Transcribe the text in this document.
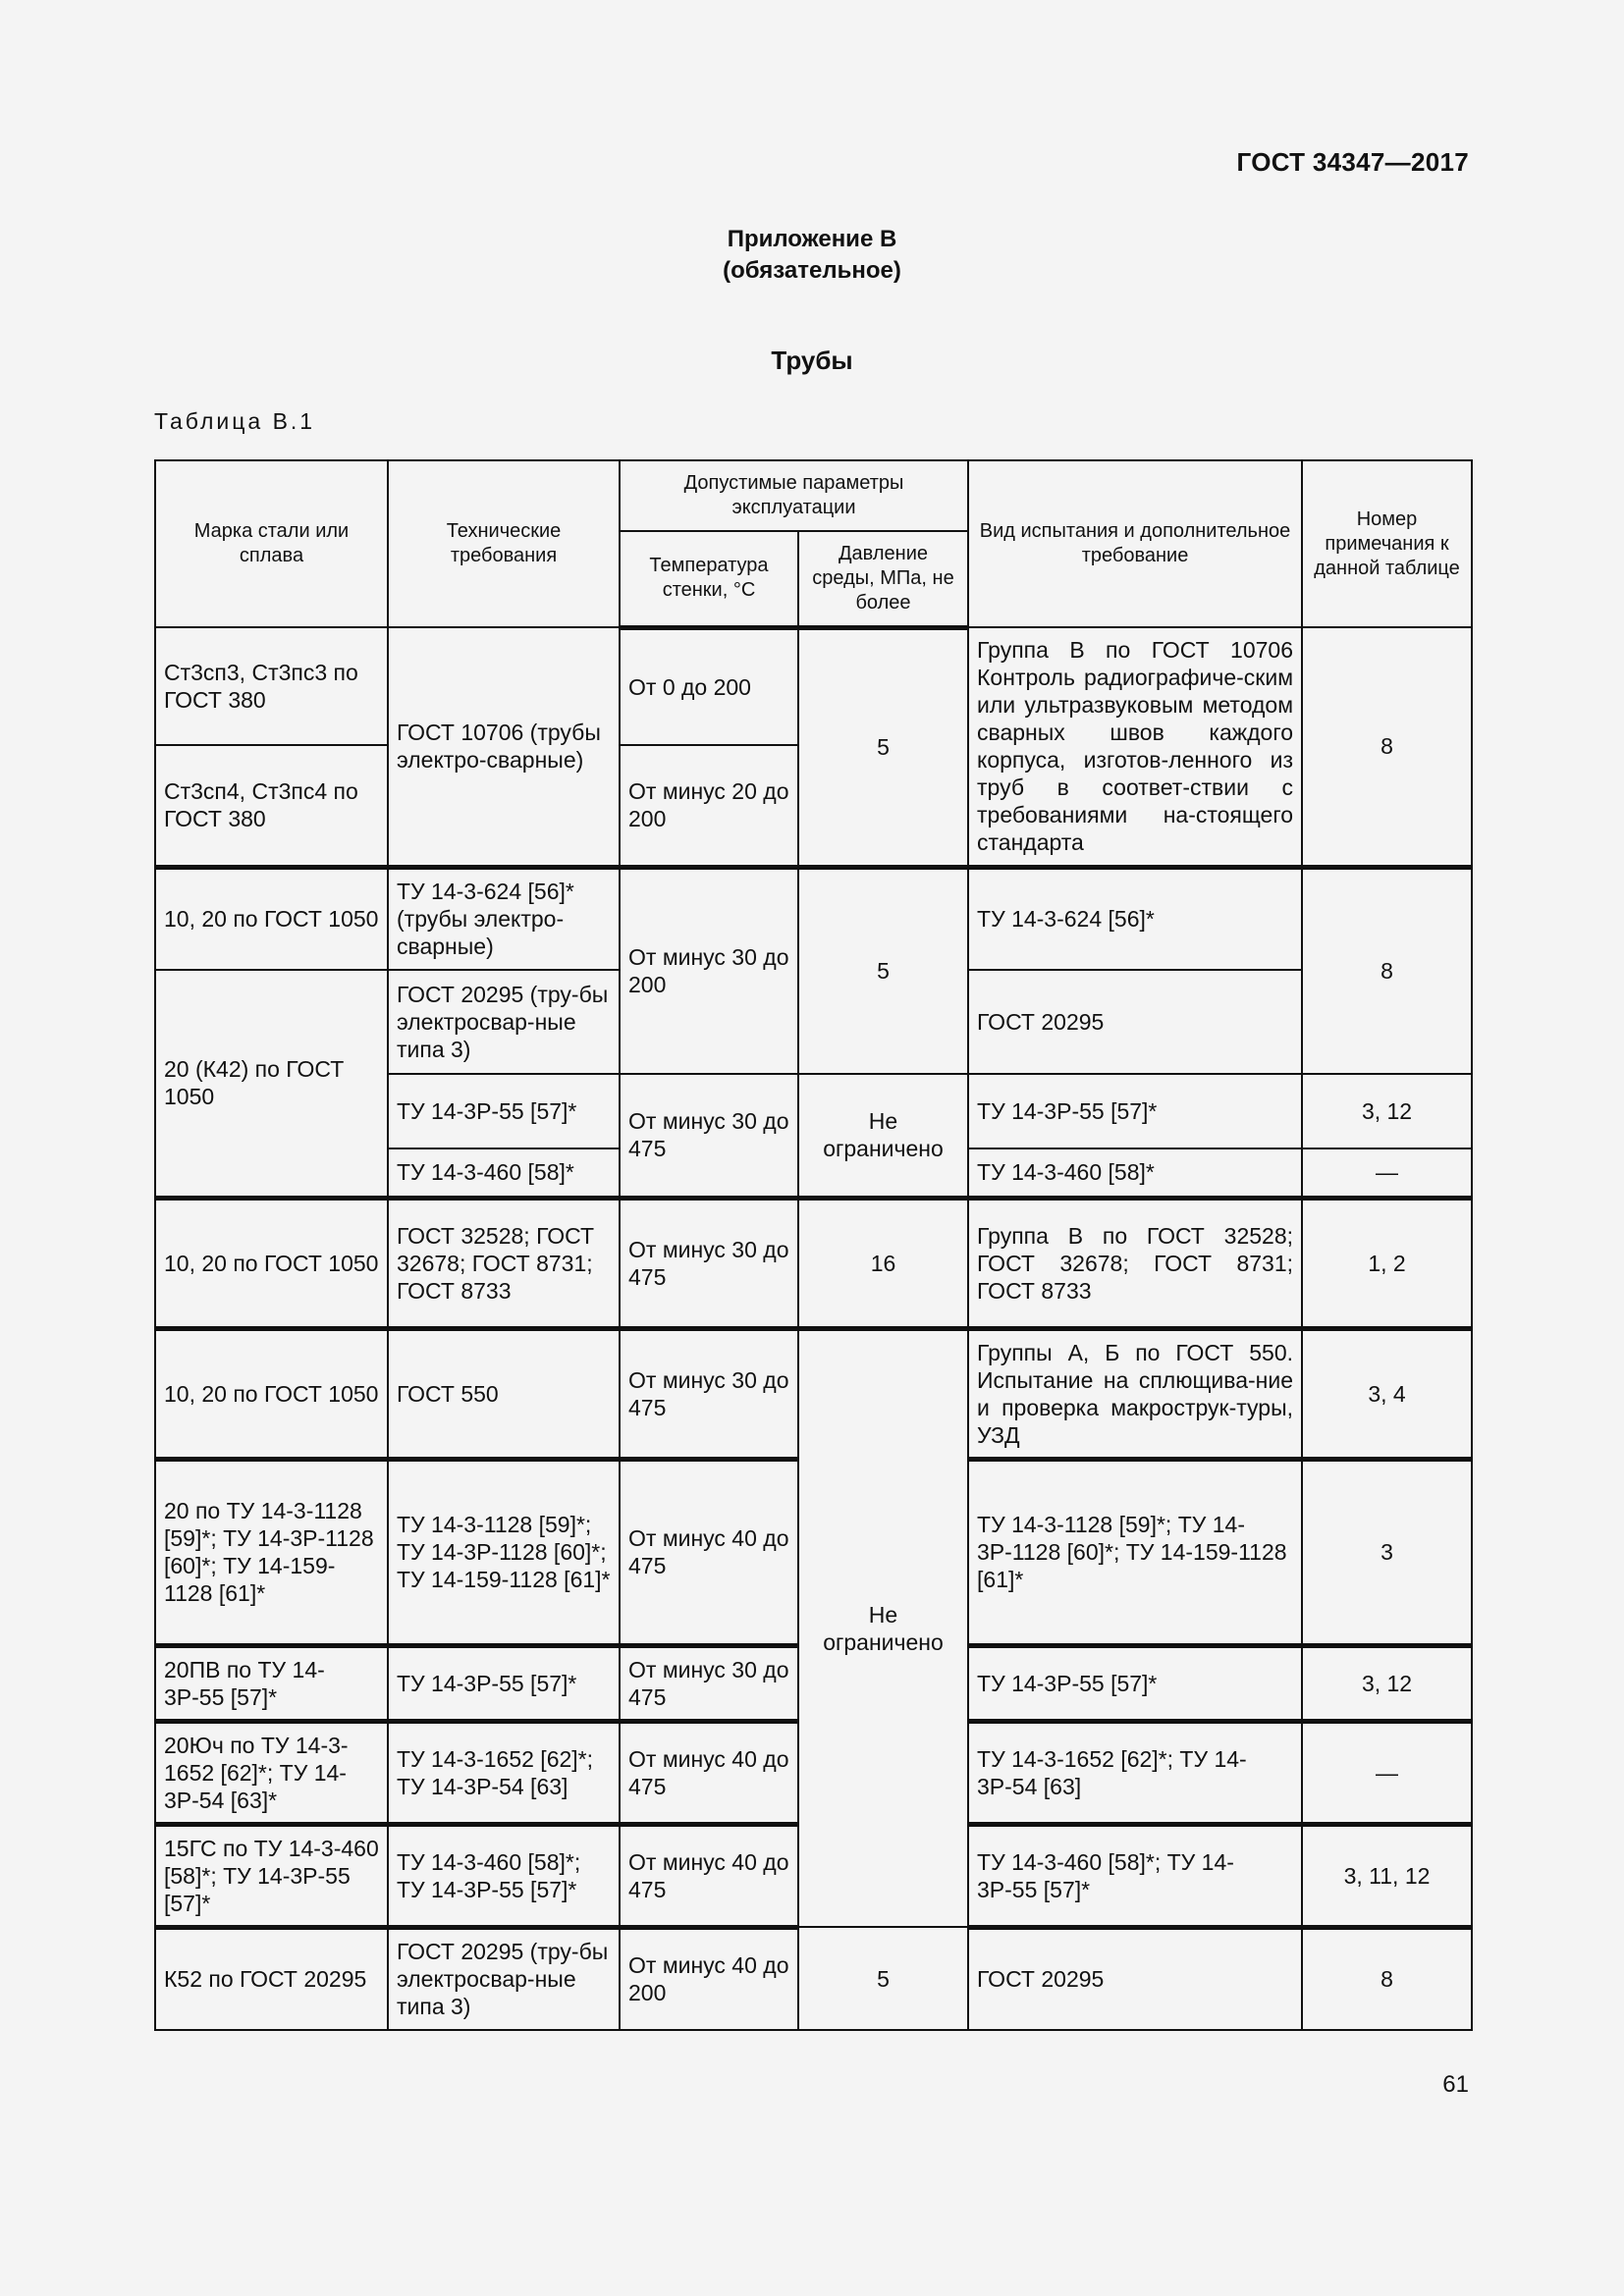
ГОСТ 34347—2017
Приложение В
(обязательное)
Трубы
Таблица В.1
Марка стали или сплава	Технические требования	Допустимые параметры эксплуатации		Вид испытания и дополнительное требование	Номер примечания к данной таблице
		Температура стенки, °С	Давление среды, МПа, не более		
Ст3сп3, Ст3пс3 по ГОСТ 380	ГОСТ 10706 (трубы электро-сварные)	От 0 до 200	5	Группа В по ГОСТ 10706 Контроль радиографиче-ским или ультразвуковым методом сварных швов каждого корпуса, изготов-ленного из труб в соответ-ствии с требованиями на-стоящего стандарта	8
Ст3сп4, Ст3пс4 по ГОСТ 380		От минус 20 до 200			
10, 20 по ГОСТ 1050	ТУ 14-3-624 [56]* (трубы электро-сварные)	От минус 30 до 200	5	ТУ 14-3-624 [56]*	8
20 (К42) по ГОСТ 1050	ГОСТ 20295 (тру-бы электросвар-ные типа 3)			ГОСТ 20295	
	ТУ 14-3Р-55 [57]*	От минус 30 до 475	Не ограничено	ТУ 14-3Р-55 [57]*	3, 12
	ТУ 14-3-460 [58]*			ТУ 14-3-460 [58]*	—
10, 20 по ГОСТ 1050	ГОСТ 32528; ГОСТ 32678; ГОСТ 8731; ГОСТ 8733	От минус 30 до 475	16	Группа В по ГОСТ 32528; ГОСТ 32678; ГОСТ 8731; ГОСТ 8733	1, 2
10, 20 по ГОСТ 1050	ГОСТ 550	От минус 30 до 475	Не ограничено	Группы А, Б по ГОСТ 550. Испытание на сплющива-ние и проверка макрострук-туры, УЗД	3, 4
20 по ТУ 14-3-1128 [59]*; ТУ 14-3Р-1128 [60]*; ТУ 14-159-1128 [61]*	ТУ 14-3-1128 [59]*; ТУ 14-3Р-1128 [60]*; ТУ 14-159-1128 [61]*	От минус 40 до 475		ТУ 14-3-1128 [59]*; ТУ 14-3Р-1128 [60]*; ТУ 14-159-1128 [61]*	3
20ПВ по ТУ 14-3Р-55 [57]*	ТУ 14-3Р-55 [57]*	От минус 30 до 475		ТУ 14-3Р-55 [57]*	3, 12
20Юч по ТУ 14-3-1652 [62]*; ТУ 14-3Р-54 [63]*	ТУ 14-3-1652 [62]*; ТУ 14-3Р-54 [63]	От минус 40 до 475		ТУ 14-3-1652 [62]*; ТУ 14-3Р-54 [63]	—
15ГС по ТУ 14-3-460 [58]*; ТУ 14-3Р-55 [57]*	ТУ 14-3-460 [58]*; ТУ 14-3Р-55 [57]*	От минус 40 до 475		ТУ 14-3-460 [58]*; ТУ 14-3Р-55 [57]*	3, 11, 12
К52 по ГОСТ 20295	ГОСТ 20295 (тру-бы электросвар-ные типа 3)	От минус 40 до 200	5	ГОСТ 20295	8
61
